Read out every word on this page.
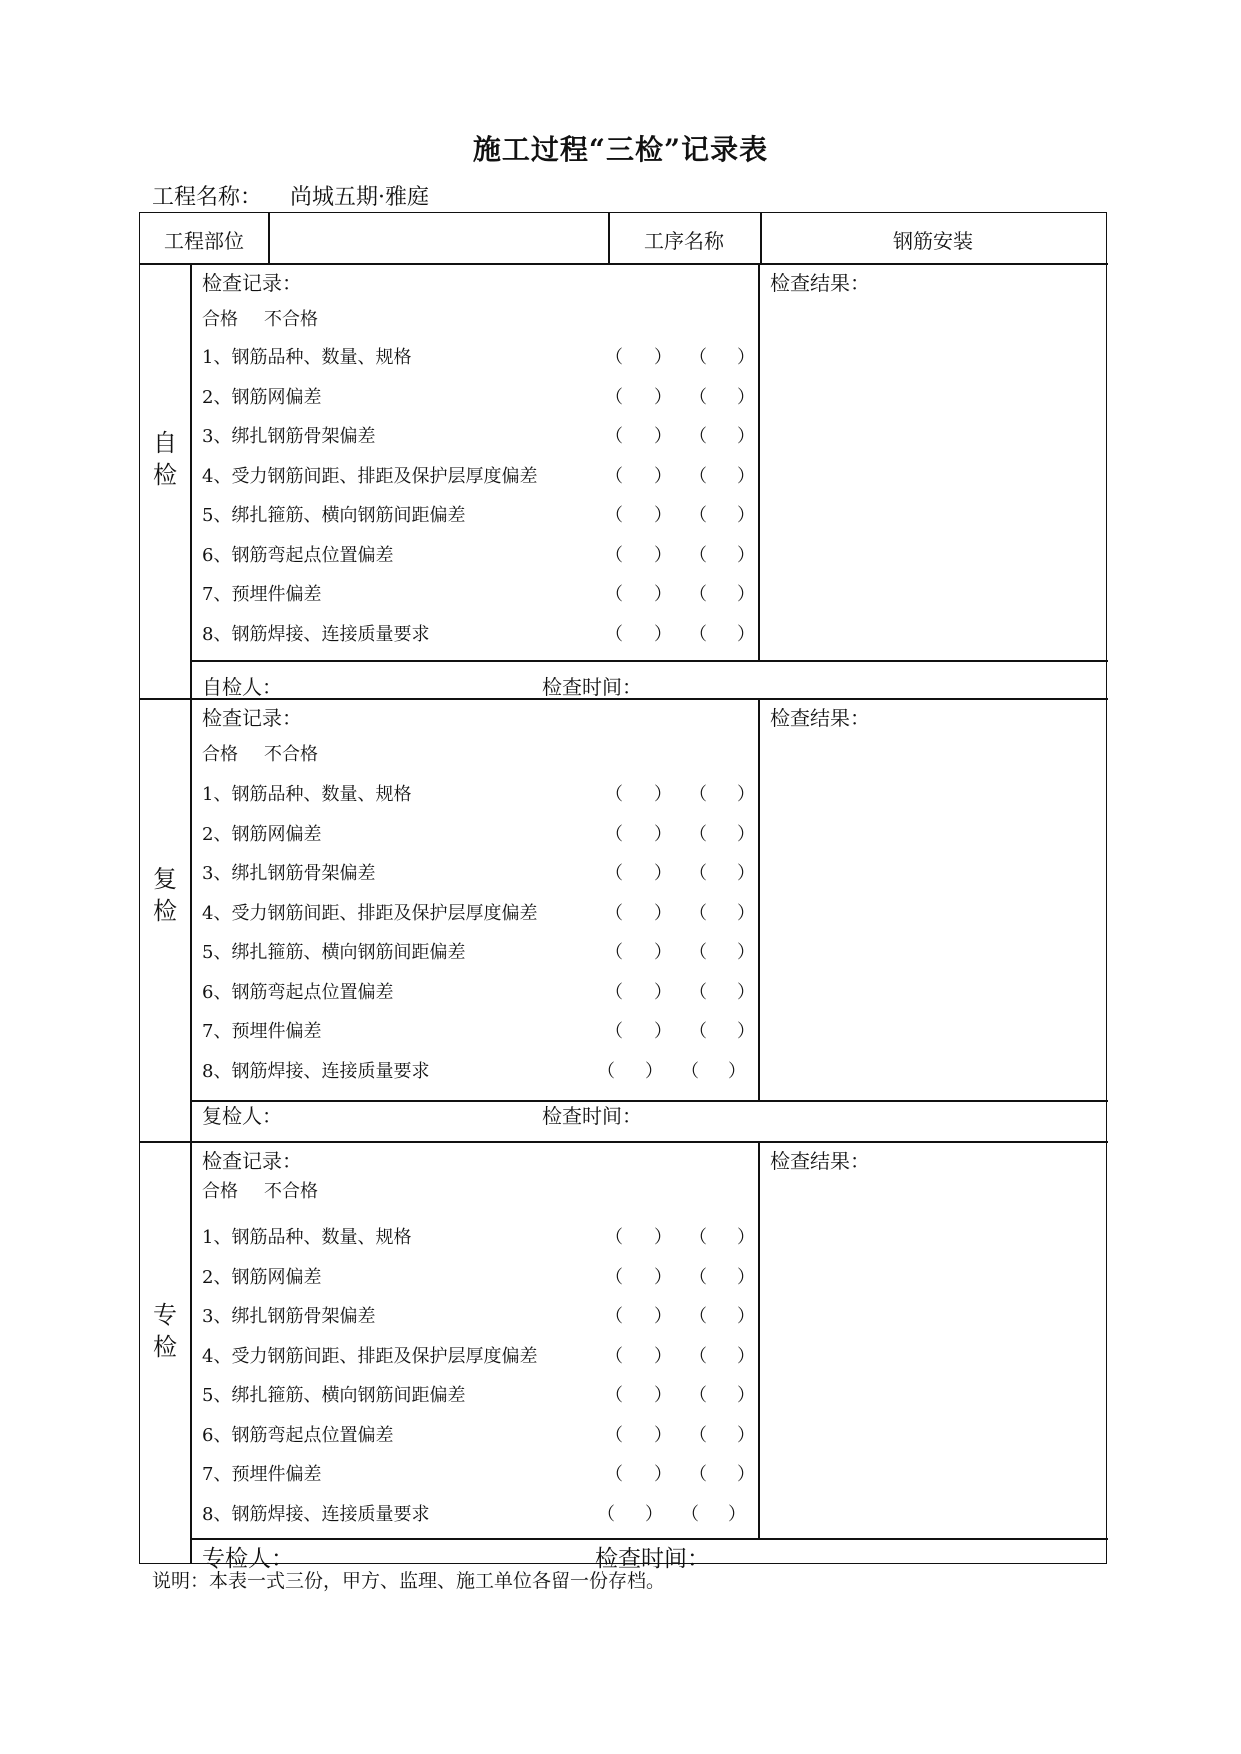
施工过程“三检”记录表
工程名称： 尚城五期·雅庭
工程部位	工序名称	钢筋安装
自
检
检查记录：	检查结果：
合格 不合格
1、钢筋品种、数量、规格	（ ） （ ）
2、钢筋网偏差	（ ） （ ）
3、绑扎钢筋骨架偏差	（ ） （ ）
4、受力钢筋间距、排距及保护层厚度偏差	（ ） （ ）
5、绑扎箍筋、横向钢筋间距偏差	（ ） （ ）
6、钢筋弯起点位置偏差	（ ） （ ）
7、预埋件偏差	（ ） （ ）
8、钢筋焊接、连接质量要求	（ ） （ ）
自检人：	检查时间：
复
检
检查记录：	检查结果：
合格 不合格
1、钢筋品种、数量、规格	（ ） （ ）
2、钢筋网偏差	（ ） （ ）
3、绑扎钢筋骨架偏差	（ ） （ ）
4、受力钢筋间距、排距及保护层厚度偏差	（ ） （ ）
5、绑扎箍筋、横向钢筋间距偏差	（ ） （ ）
6、钢筋弯起点位置偏差	（ ） （ ）
7、预埋件偏差	（ ） （ ）
8、钢筋焊接、连接质量要求	（ ） （ ）
复检人：	检查时间：
专
检
检查记录：	检查结果：
合格 不合格
1、钢筋品种、数量、规格	（ ） （ ）
2、钢筋网偏差	（ ） （ ）
3、绑扎钢筋骨架偏差	（ ） （ ）
4、受力钢筋间距、排距及保护层厚度偏差	（ ） （ ）
5、绑扎箍筋、横向钢筋间距偏差	（ ） （ ）
6、钢筋弯起点位置偏差	（ ） （ ）
7、预埋件偏差	（ ） （ ）
8、钢筋焊接、连接质量要求	（ ） （ ）
专检人：	检查时间：
说明：本表一式三份，甲方、监理、施工单位各留一份存档。
